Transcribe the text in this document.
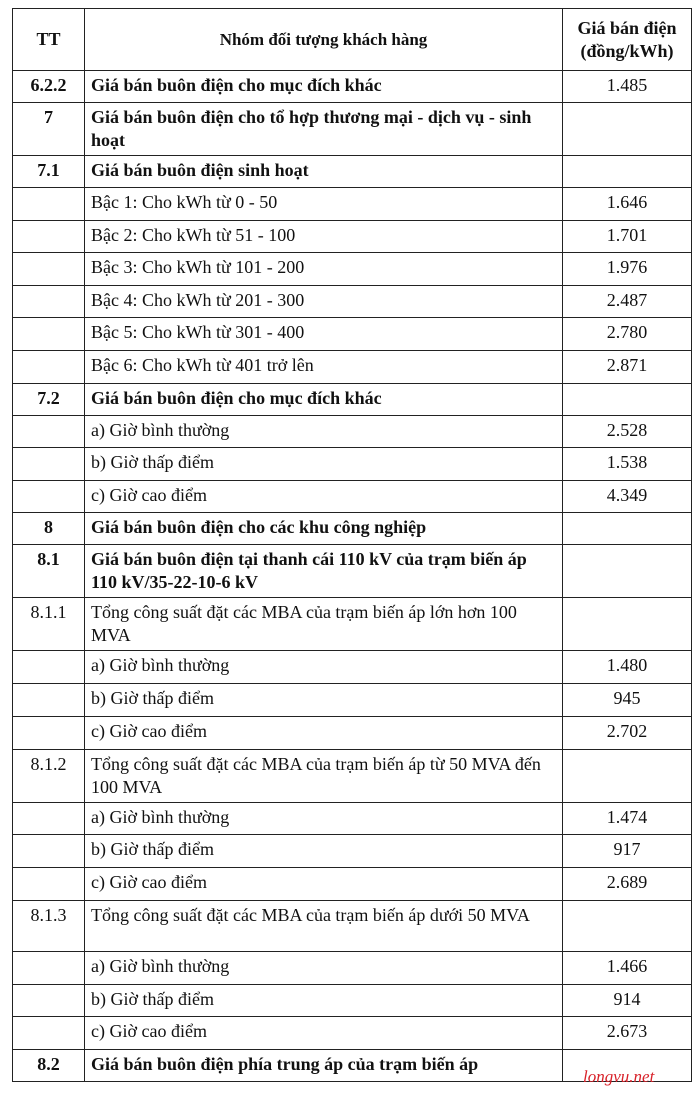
TT	Nhóm đối tượng khách hàng	Giá bán điện (đồng/kWh)
6.2.2	Giá bán buôn điện cho mục đích khác	1.485
7	Giá bán buôn điện cho tổ hợp thương mại - dịch vụ - sinh hoạt	
7.1	Giá bán buôn điện sinh hoạt	
	Bậc 1: Cho kWh từ 0 - 50	1.646
	Bậc 2: Cho kWh từ 51 - 100	1.701
	Bậc 3: Cho kWh từ 101 - 200	1.976
	Bậc 4: Cho kWh từ 201 - 300	2.487
	Bậc 5: Cho kWh từ 301 - 400	2.780
	Bậc 6: Cho kWh từ 401 trở lên	2.871
7.2	Giá bán buôn điện cho mục đích khác	
	a) Giờ bình thường	2.528
	b) Giờ thấp điểm	1.538
	c) Giờ cao điểm	4.349
8	Giá bán buôn điện cho các khu công nghiệp	
8.1	Giá bán buôn điện tại thanh cái 110 kV của trạm biến áp 110 kV/35-22-10-6 kV	
8.1.1	Tổng công suất đặt các MBA của trạm biến áp lớn hơn 100 MVA	
	a) Giờ bình thường	1.480
	b) Giờ thấp điểm	945
	c) Giờ cao điểm	2.702
8.1.2	Tổng công suất đặt các MBA của trạm biến áp từ 50 MVA đến 100 MVA	
	a) Giờ bình thường	1.474
	b) Giờ thấp điểm	917
	c) Giờ cao điểm	2.689
8.1.3	Tổng công suất đặt các MBA của trạm biến áp dưới 50 MVA	
	a) Giờ bình thường	1.466
	b) Giờ thấp điểm	914
	c) Giờ cao điểm	2.673
8.2	Giá bán buôn điện phía trung áp của trạm biến áp	
longvu.net
